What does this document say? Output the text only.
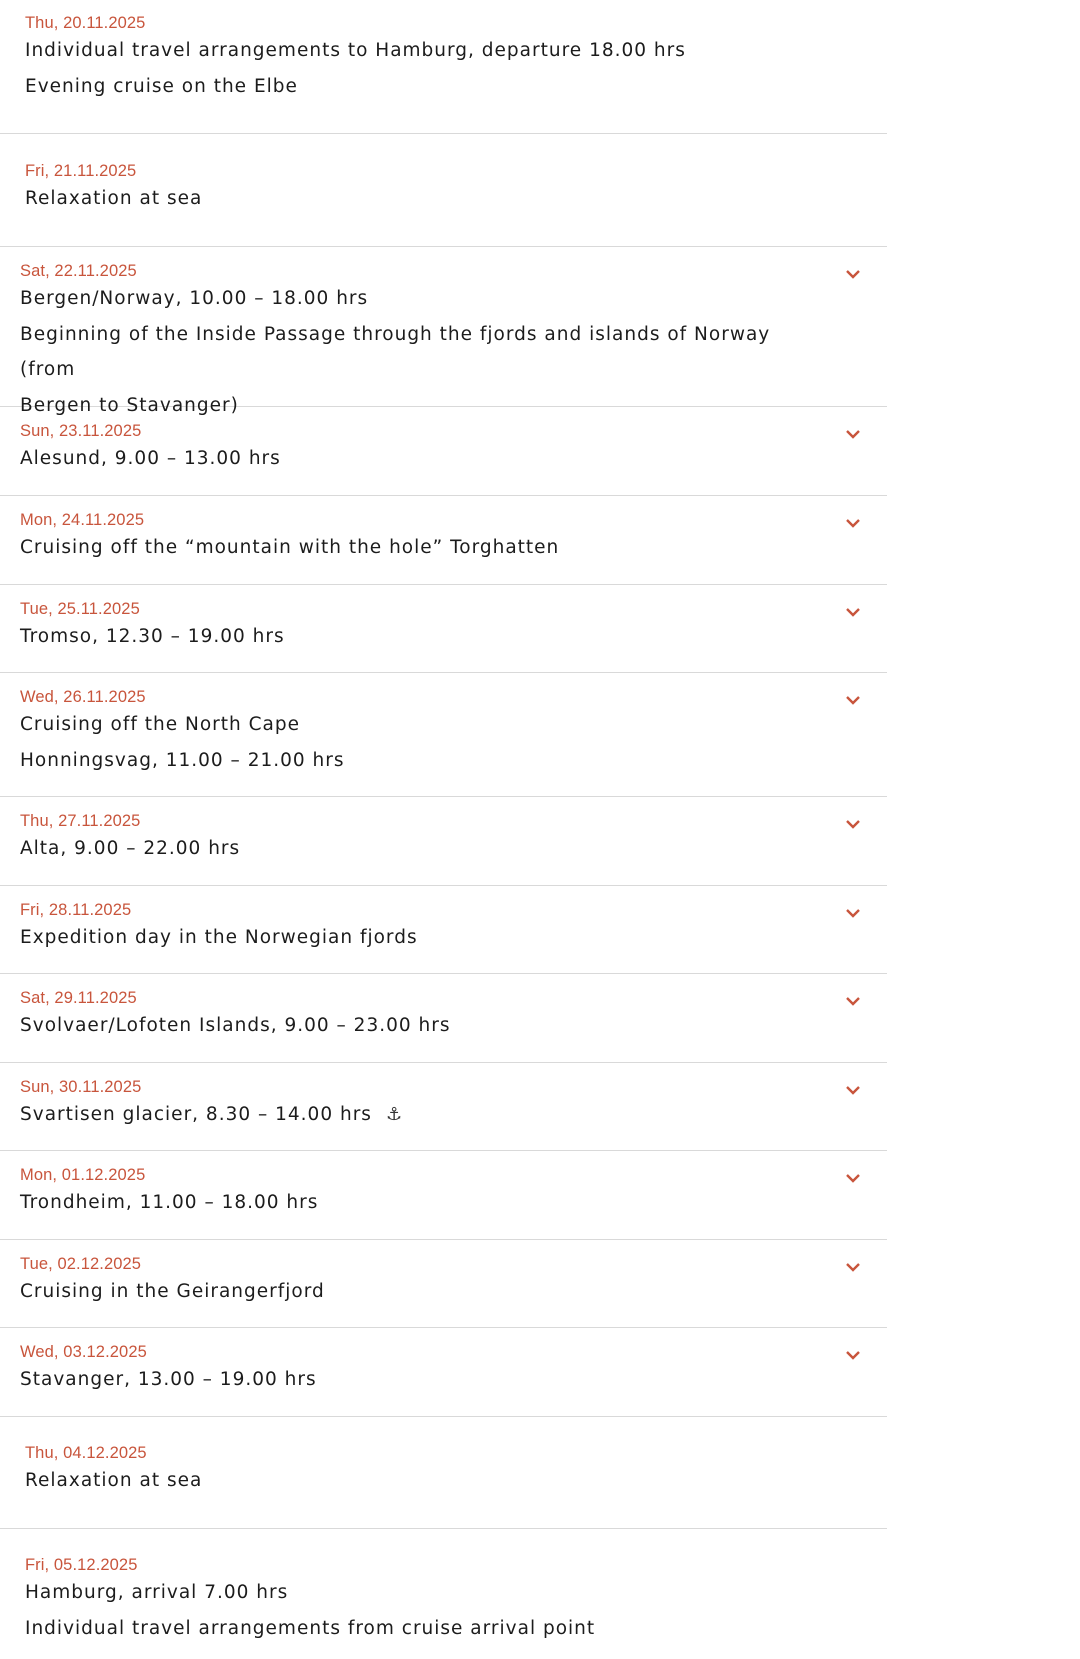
Thu, 20.11.2025
Individual travel arrangements to Hamburg, departure 18.00 hrs
Evening cruise on the Elbe
Fri, 21.11.2025
Relaxation at sea
Sat, 22.11.2025
Bergen/Norway, 10.00 – 18.00 hrs
Beginning of the Inside Passage through the fjords and islands of Norway (from
Bergen to Stavanger)
Sun, 23.11.2025
Alesund, 9.00 – 13.00 hrs
Mon, 24.11.2025
Cruising off the “mountain with the hole” Torghatten
Tue, 25.11.2025
Tromso, 12.30 – 19.00 hrs
Wed, 26.11.2025
Cruising off the North Cape
Honningsvag, 11.00 – 21.00 hrs
Thu, 27.11.2025
Alta, 9.00 – 22.00 hrs
Fri, 28.11.2025
Expedition day in the Norwegian fjords
Sat, 29.11.2025
Svolvaer/Lofoten Islands, 9.00 – 23.00 hrs
Sun, 30.11.2025
Svartisen glacier, 8.30 – 14.00 hrs ⚓
Mon, 01.12.2025
Trondheim, 11.00 – 18.00 hrs
Tue, 02.12.2025
Cruising in the Geirangerfjord
Wed, 03.12.2025
Stavanger, 13.00 – 19.00 hrs
Thu, 04.12.2025
Relaxation at sea
Fri, 05.12.2025
Hamburg, arrival 7.00 hrs
Individual travel arrangements from cruise arrival point
